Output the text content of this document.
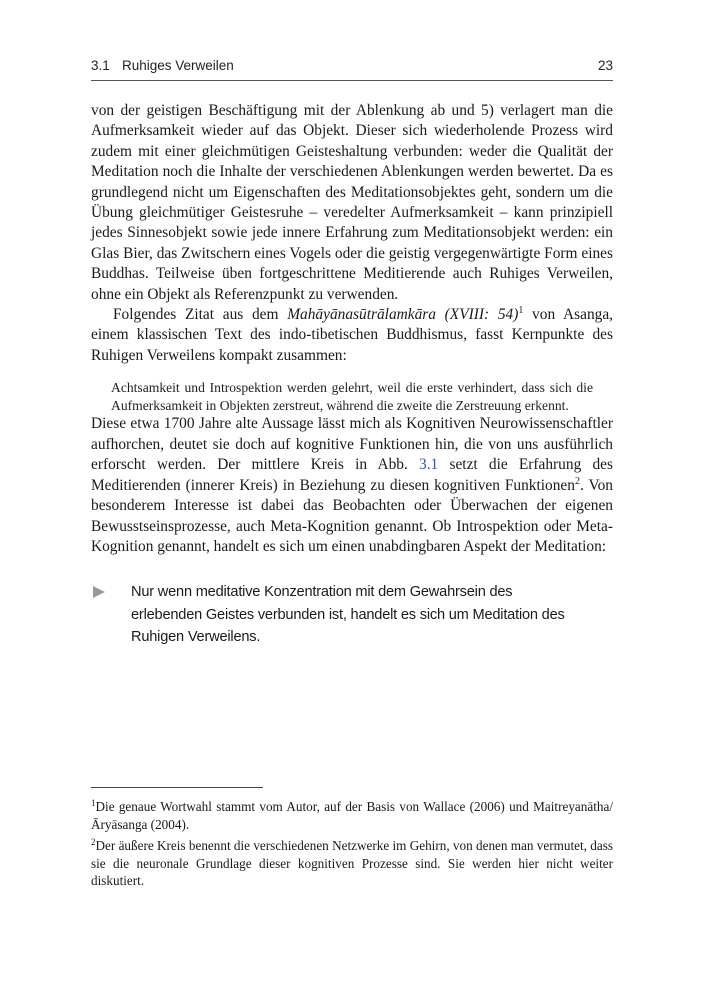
3.1 Ruhiges Verweilen	23

von der geistigen Beschäftigung mit der Ablenkung ab und 5) verlagert man die Aufmerksamkeit wieder auf das Objekt. Dieser sich wiederholende Prozess wird zudem mit einer gleichmütigen Geisteshaltung verbunden: weder die Qualität der Meditation noch die Inhalte der verschiedenen Ablenkungen werden bewertet. Da es grundlegend nicht um Eigenschaften des Meditationsobjektes geht, sondern um die Übung gleichmütiger Geistesruhe – veredelter Aufmerksamkeit – kann prinzipiell jedes Sinnesobjekt sowie jede innere Erfahrung zum Meditationsobjekt werden: ein Glas Bier, das Zwitschern eines Vogels oder die geistig vergegenwärtigte Form eines Buddhas. Teilweise üben fortgeschrittene Meditierende auch Ruhiges Verweilen, ohne ein Objekt als Referenzpunkt zu verwenden.

Folgendes Zitat aus dem Mahāyānasūtrālamkāra (XVIII: 54)$^1$ von Asanga, einem klassischen Text des indo-tibetischen Buddhismus, fasst Kernpunkte des Ruhigen Verweilens kompakt zusammen:

Achtsamkeit und Introspektion werden gelehrt, weil die erste verhindert, dass sich die Aufmerksamkeit in Objekten zerstreut, während die zweite die Zerstreuung erkennt.

Diese etwa 1700 Jahre alte Aussage lässt mich als Kognitiven Neurowissenschaftler aufhorchen, deutet sie doch auf kognitive Funktionen hin, die von uns ausführlich erforscht werden. Der mittlere Kreis in Abb. 3.1 setzt die Erfahrung des Meditierenden (innerer Kreis) in Beziehung zu diesen kognitiven Funktionen$^2$. Von besonderem Interesse ist dabei das Beobachten oder Überwachen der eigenen Bewusstseinsprozesse, auch Meta-Kognition genannt. Ob Introspektion oder Meta-Kognition genannt, handelt es sich um einen unabdingbaren Aspekt der Meditation:

Nur wenn meditative Konzentration mit dem Gewahrsein des erlebenden Geistes verbunden ist, handelt es sich um Meditation des Ruhigen Verweilens.

$^1$Die genaue Wortwahl stammt vom Autor, auf der Basis von Wallace (2006) und Maitreyanātha/Āryāsanga (2004).

$^2$Der äußere Kreis benennt die verschiedenen Netzwerke im Gehirn, von denen man vermutet, dass sie die neuronale Grundlage dieser kognitiven Prozesse sind. Sie werden hier nicht weiter diskutiert.
